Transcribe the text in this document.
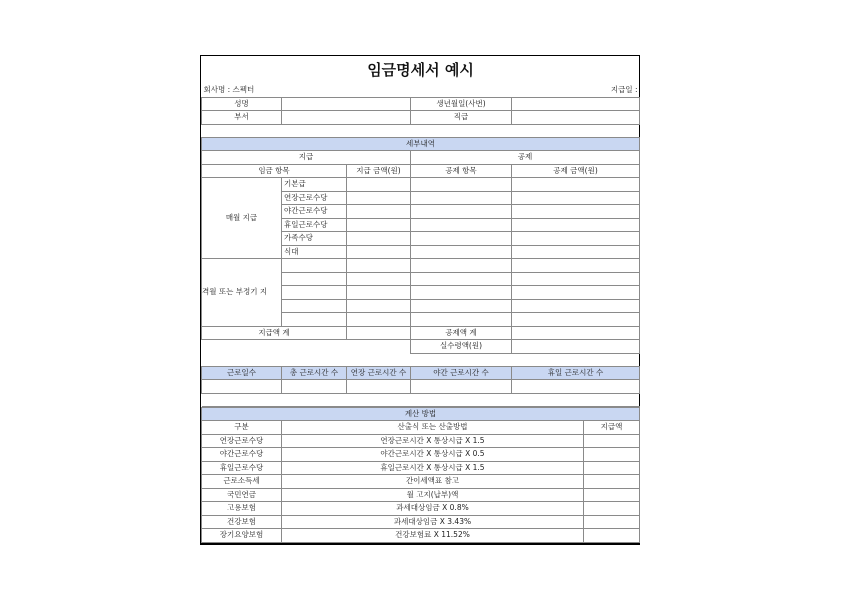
임금명세서 예시				
회사명 : 스펙터				지급일 :
성명			생년월일(사번)	
부서			직급	

세부내역				
지급			공제	
임금 항목		지급 금액(원)	공제 항목	공제 금액(원)
매월 지급	기본급			
	연장근로수당			
	야간근로수당			
	휴일근로수당			
	가족수당			
	식대			
격월 또는 부정기 지				

지급액 계			공제액 계	
			실수령액(원)	

근로일수	총 근로시간 수	연장 근로시간 수	야간 근로시간 수	휴일 근로시간 수

계산 방법		
구분	산출식 또는 산출방법	지급액
연장근로수당	연장근로시간 X 통상시급 X 1.5	
야간근로수당	야간근로시간 X 통상시급 X 0.5	
휴일근로수당	휴일근로시간 X 통상시급 X 1.5	
근로소득세	간이세액표 참고	
국민연금	월 고지(납부)액	
고용보험	과세대상임금 X 0.8%	
건강보험	과세대상임금 X 3.43%	
장기요양보험	건강보험료 X 11.52%	
